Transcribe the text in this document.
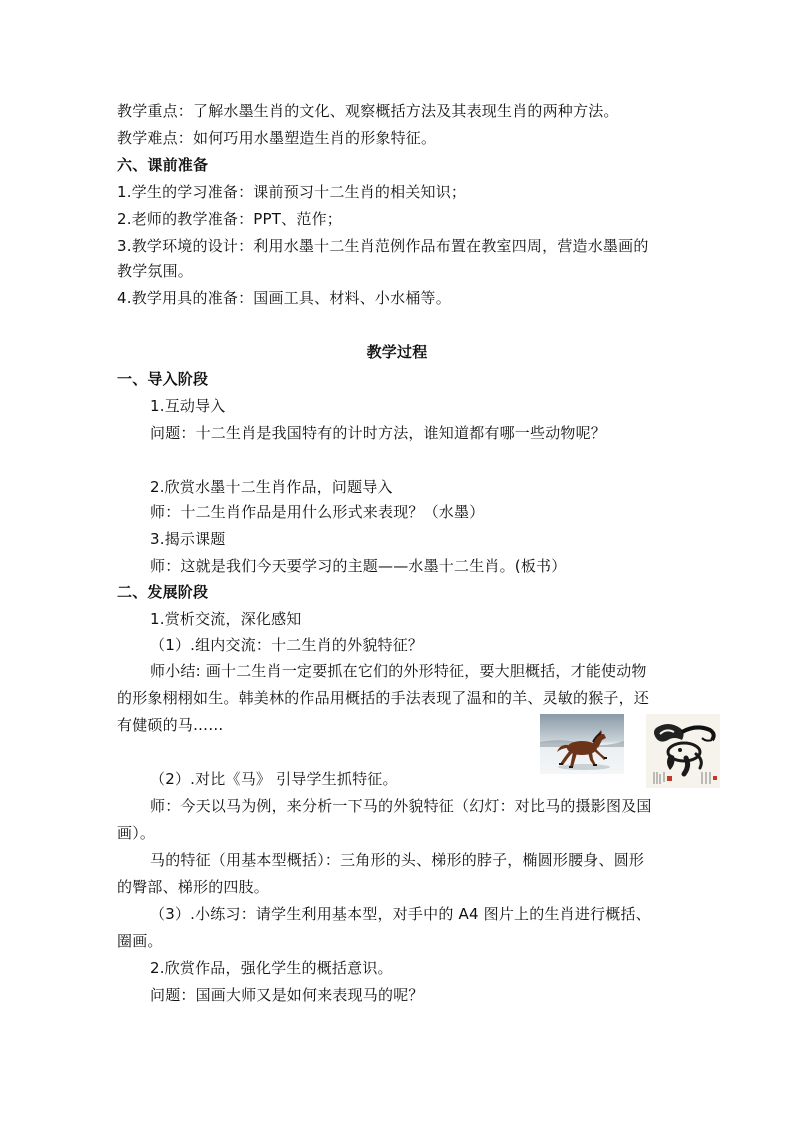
教学重点：了解水墨生肖的文化、观察概括方法及其表现生肖的两种方法。
教学难点：如何巧用水墨塑造生肖的形象特征。
六、课前准备
1.学生的学习准备：课前预习十二生肖的相关知识；
2.老师的教学准备：PPT、范作；
3.教学环境的设计：利用水墨十二生肖范例作品布置在教室四周，营造水墨画的
教学氛围。
4.教学用具的准备：国画工具、材料、小水桶等。
教学过程
一、导入阶段
1.互动导入
问题：十二生肖是我国特有的计时方法，谁知道都有哪一些动物呢？
2.欣赏水墨十二生肖作品，问题导入
师：十二生肖作品是用什么形式来表现？（水墨）
3.揭示课题
师：这就是我们今天要学习的主题——水墨十二生肖。(板书）
二、发展阶段
1.赏析交流，深化感知
（1）.组内交流：十二生肖的外貌特征？
师小结: 画十二生肖一定要抓在它们的外形特征，要大胆概括，才能使动物
的形象栩栩如生。韩美林的作品用概括的手法表现了温和的羊、灵敏的猴子，还
有健硕的马……
（2）.对比《马》 引导学生抓特征。
师：今天以马为例，来分析一下马的外貌特征（幻灯：对比马的摄影图及国
画）。
马的特征（用基本型概括）：三角形的头、梯形的脖子，椭圆形腰身、圆形
的臀部、梯形的四肢。
（3）.小练习：请学生利用基本型，对手中的 A4 图片上的生肖进行概括、
圈画。
2.欣赏作品，强化学生的概括意识。
问题：国画大师又是如何来表现马的呢？
